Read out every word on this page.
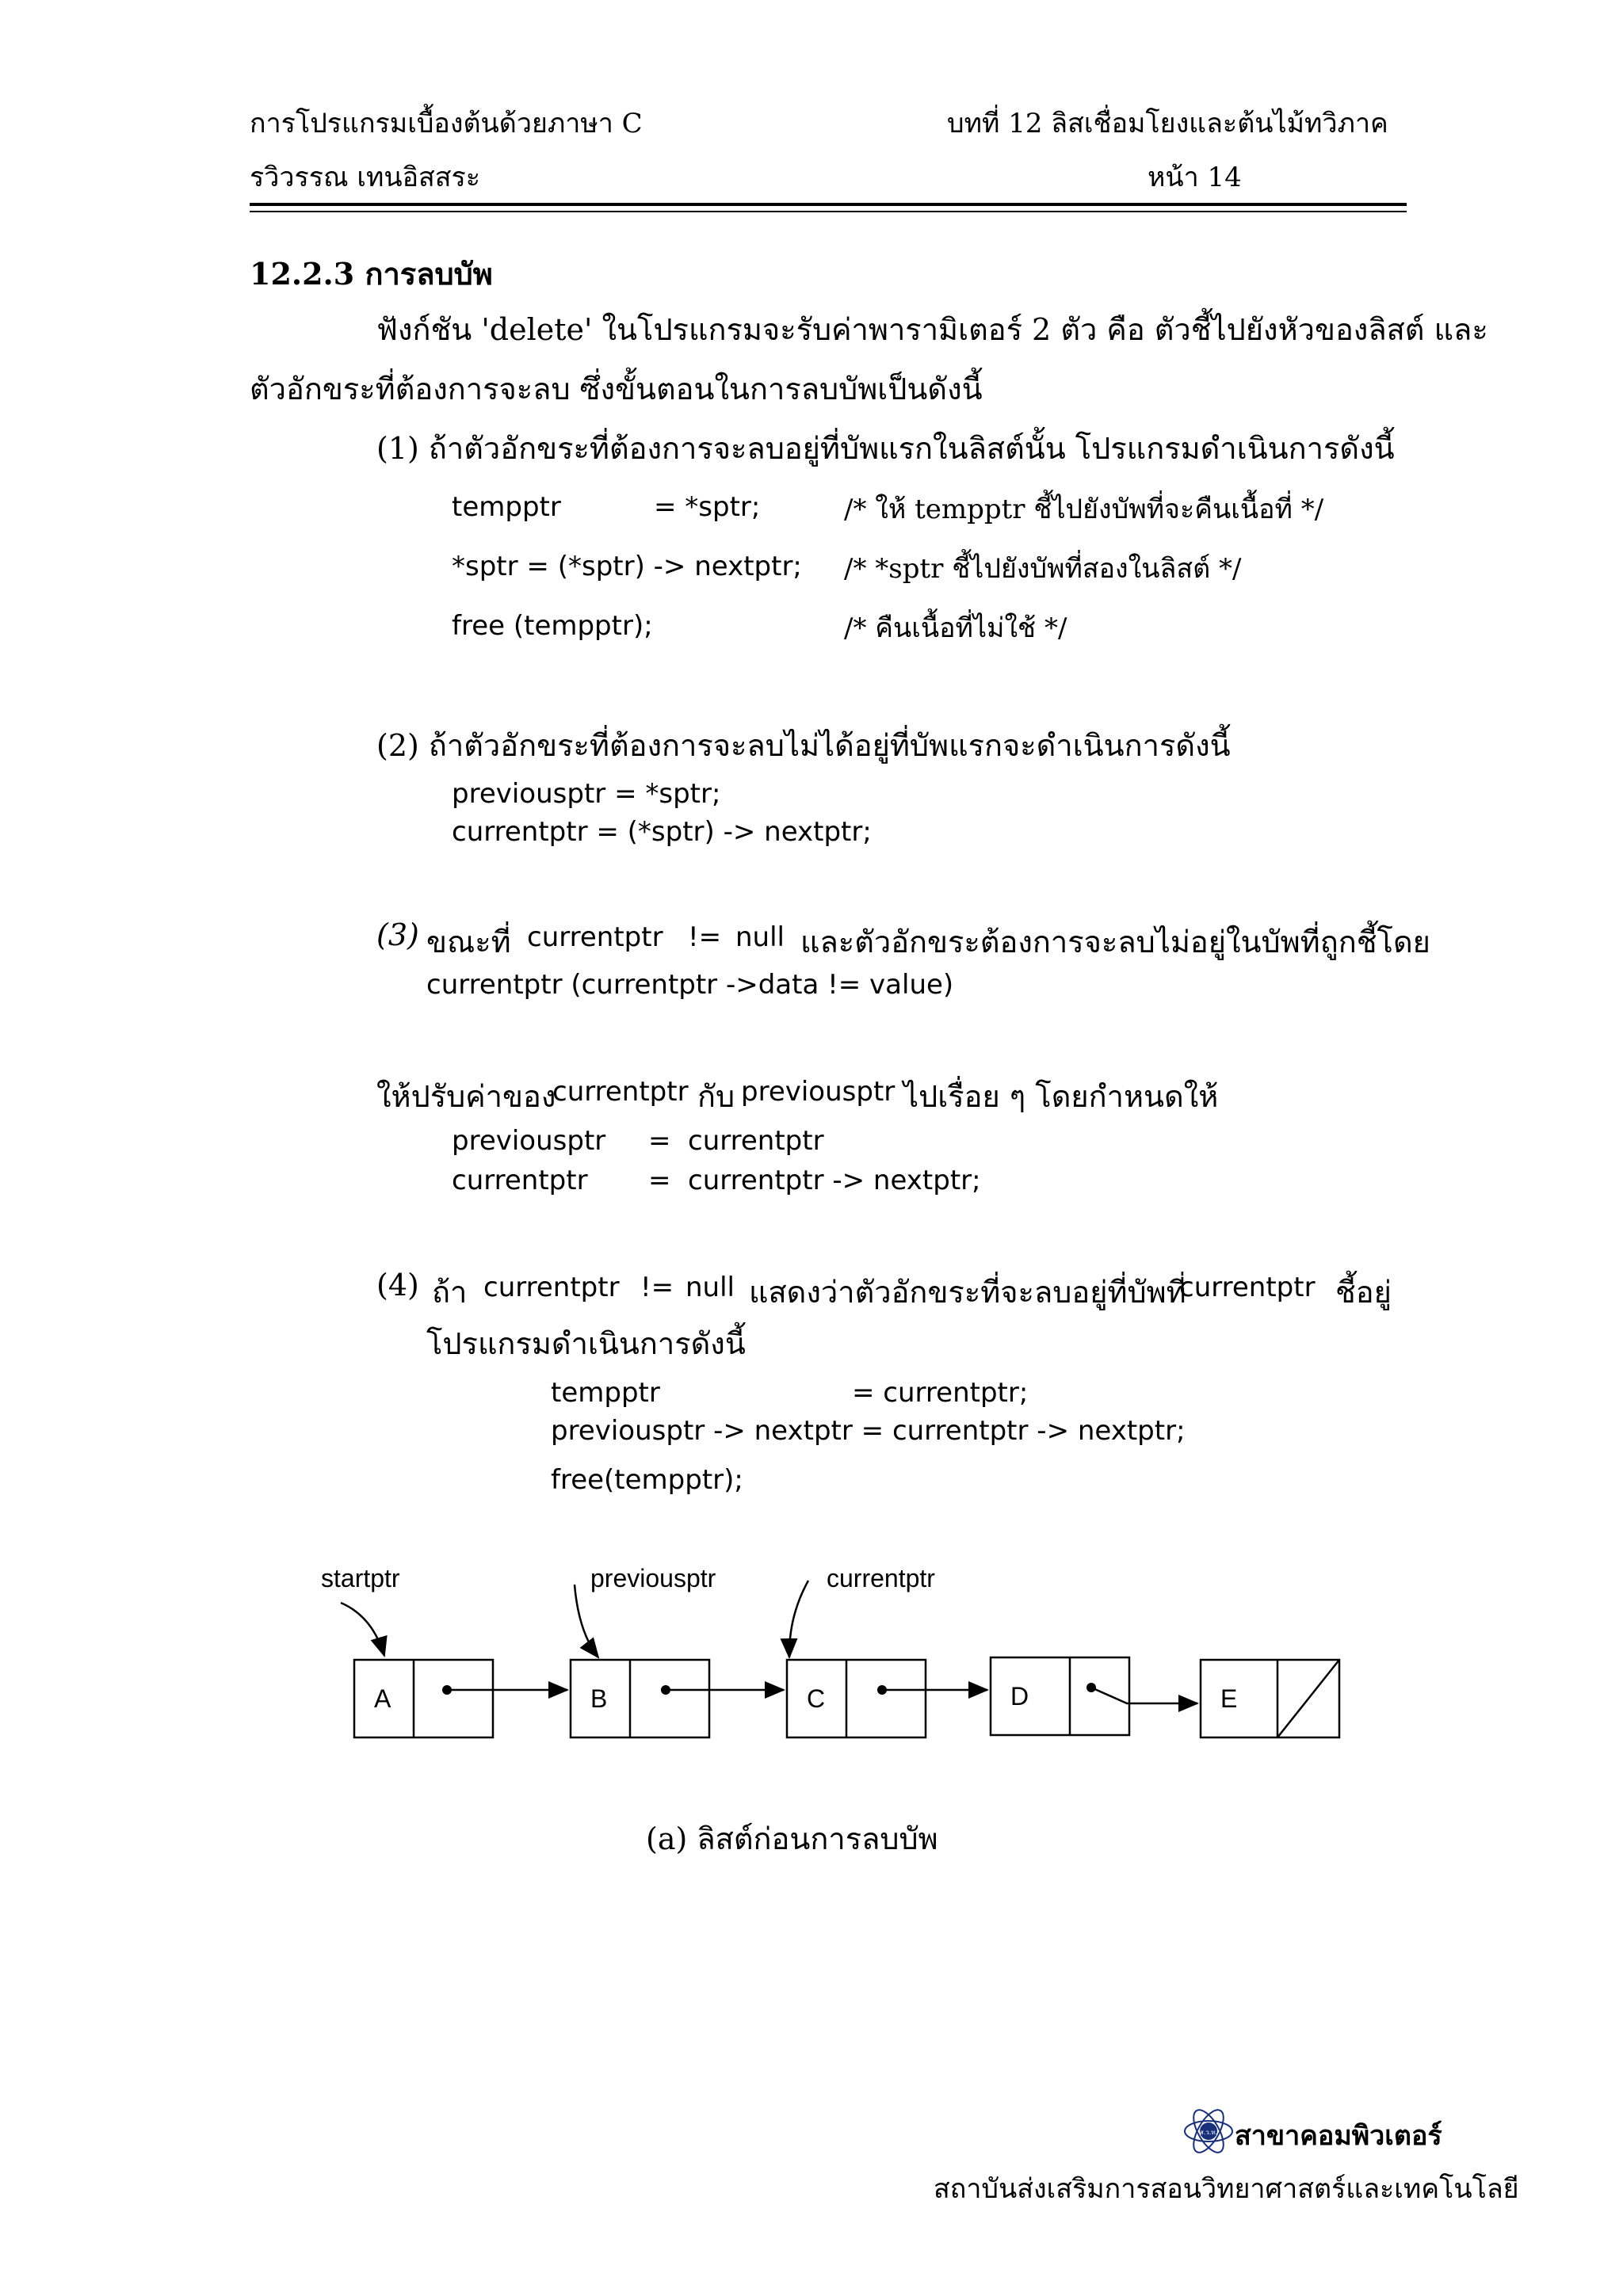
การโปรแกรมเบื้องต้นด้วยภาษา C	บทที่ 12 ลิสเชื่อมโยงและต้นไม้ทวิภาค
รวิวรรณ เทนอิสสระ	หน้า 14
12.2.3 การลบบัพ
ฟังก์ชัน 'delete' ในโปรแกรมจะรับค่าพารามิเตอร์ 2 ตัว คือ ตัวชี้ไปยังหัวของลิสต์ และ
ตัวอักขระที่ต้องการจะลบ ซึ่งขั้นตอนในการลบบัพเป็นดังนี้
(1) ถ้าตัวอักขระที่ต้องการจะลบอยู่ที่บัพแรกในลิสต์นั้น โปรแกรมดำเนินการดังนี้
tempptr	= *sptr;	/* ให้ tempptr ชี้ไปยังบัพที่จะคืนเนื้อที่ */
*sptr = (*sptr) -> nextptr; /* *sptr ชี้ไปยังบัพที่สองในลิสต์ */
free (tempptr);	/* คืนเนื้อที่ไม่ใช้ */
(2) ถ้าตัวอักขระที่ต้องการจะลบไม่ได้อยู่ที่บัพแรกจะดำเนินการดังนี้
previousptr = *sptr;
currentptr = (*sptr) -> nextptr;
(3) ขณะที่ currentptr != null และตัวอักขระต้องการจะลบไม่อยู่ในบัพที่ถูกชี้โดย
currentptr (currentptr ->data != value)
ให้ปรับค่าของ
currentptr กับ previousptr ไปเรื่อย ๆ โดยกำหนดให้
previousptr = currentptr
currentptr = currentptr -> nextptr;
(4) ถ้า currentptr != null แสดงว่าตัวอักขระที่จะลบอยู่ที่บัพที่
currentptr ชี้อยู่
โปรแกรมดำเนินการดังนี้
tempptr	= currentptr;
previousptr -> nextptr = currentptr -> nextptr;
free(tempptr);
startptr	previousptr	currentptr
A	B	C	D	E
(a) ลิสต์ก่อนการลบบัพ
ส.ว.ท. สาขาคอมพิวเตอร์
สถาบันส่งเสริมการสอนวิทยาศาสตร์และเทคโนโลยี
